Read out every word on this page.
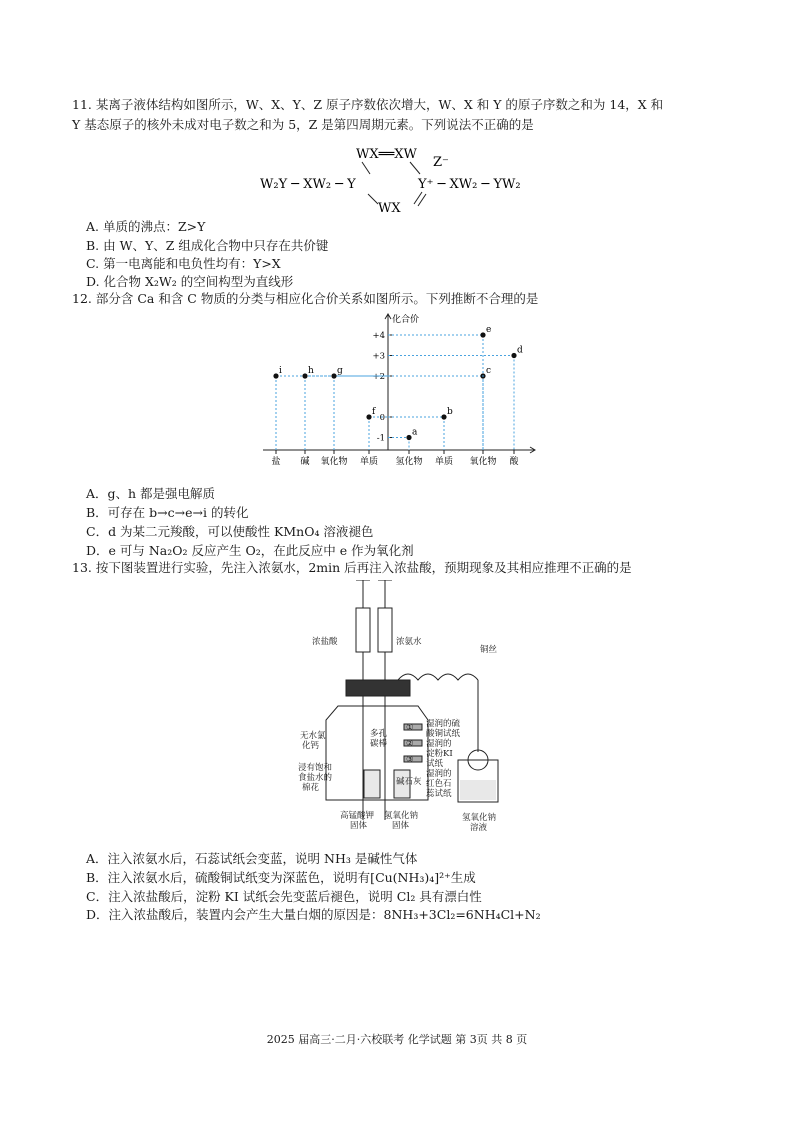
11. 某离子液体结构如图所示，W、X、Y、Z 原子序数依次增大，W、X 和 Y 的原子序数之和为 14，X 和
Y 基态原子的核外未成对电子数之和为 5，Z 是第四周期元素。下列说法不正确的是
WX══XW
Z⁻
W₂Y ─ XW₂ ─ Y	Y⁺ ─ XW₂ ─ YW₂
WX
A. 单质的沸点：Z>Y
B. 由 W、Y、Z 组成化合物中只存在共价键
C. 第一电离能和电负性均有：Y>X
D. 化合物 X₂W₂ 的空间构型为直线形
12. 部分含 Ca 和含 C 物质的分类与相应化合价关系如图所示。下列推断不合理的是
化合价
+4
+3
+2
0
-1
盐 碱 氧化物 单质 氢化物 单质 氧化物 酸
i	h	g
f
a
b
c
e
d
A．g、h 都是强电解质
B．可存在 b→c→e→i 的转化
C．d 为某二元羧酸，可以使酸性 KMnO₄ 溶液褪色
D．e 可与 Na₂O₂ 反应产生 O₂，在此反应中 e 作为氧化剂
13. 按下图装置进行实验，先注入浓氨水，2min 后再注入浓盐酸，预期现象及其相应推理不正确的是
浓盐酸	浓氨水
铜丝
无水氯
化钙
浸有饱和
食盐水的
棉花
高锰酸钾
固体
氢氧化钠
固体
多孔
碳棒
碱石灰
湿润的硫
酸铜试纸
湿润的
淀粉KI
试纸
湿润的
红色石
蕊试纸
氢氧化钠
溶液
①
②
③
A．注入浓氨水后，石蕊试纸会变蓝，说明 NH₃ 是碱性气体
B．注入浓氨水后，硫酸铜试纸变为深蓝色，说明有[Cu(NH₃)₄]²⁺生成
C．注入浓盐酸后，淀粉 KI 试纸会先变蓝后褪色，说明 Cl₂ 具有漂白性
D．注入浓盐酸后，装置内会产生大量白烟的原因是：8NH₃+3Cl₂=6NH₄Cl+N₂
2025 届高三·二月·六校联考 化学试题 第 3页 共 8 页
